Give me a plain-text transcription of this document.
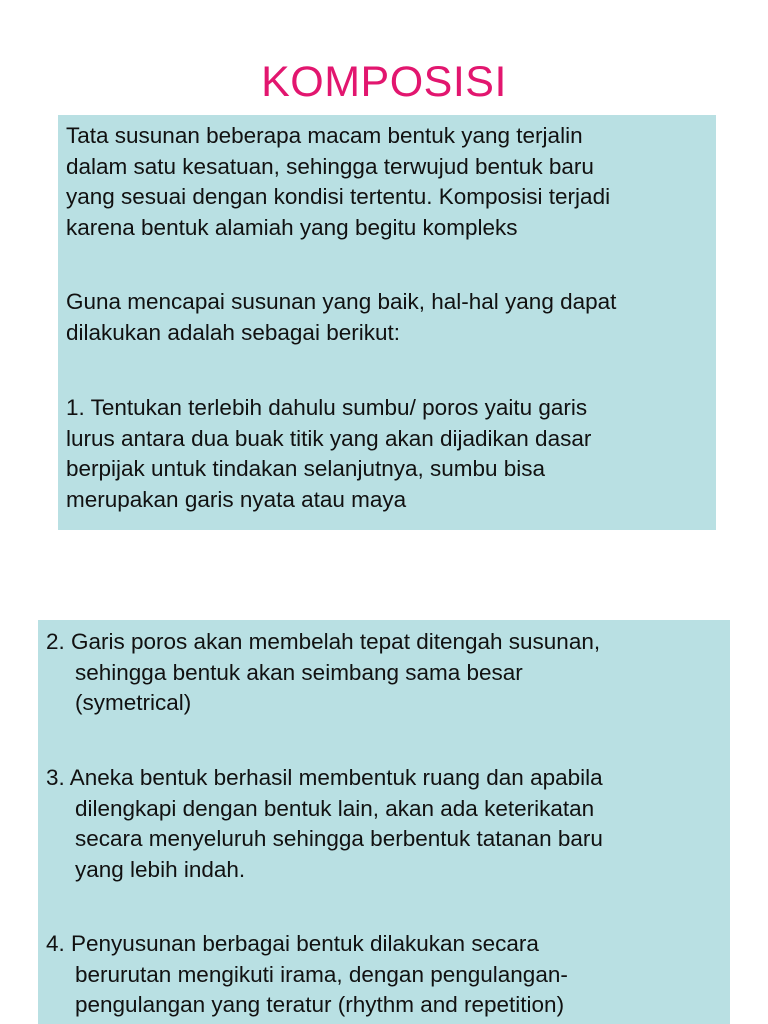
KOMPOSISI
Tata susunan beberapa macam bentuk yang terjalin
dalam satu kesatuan, sehingga terwujud bentuk baru
yang sesuai dengan kondisi tertentu. Komposisi terjadi
karena bentuk alamiah yang begitu kompleks
Guna mencapai susunan yang baik, hal-hal yang dapat
dilakukan adalah sebagai berikut:
1. Tentukan terlebih dahulu sumbu/ poros yaitu garis
lurus antara dua buak titik yang akan dijadikan dasar
berpijak untuk tindakan selanjutnya, sumbu bisa
merupakan garis nyata atau maya
2. Garis poros akan membelah tepat ditengah susunan,
sehingga bentuk akan seimbang sama besar
(symetrical)
3. Aneka bentuk berhasil membentuk ruang dan apabila
dilengkapi dengan bentuk lain, akan ada keterikatan
secara menyeluruh sehingga berbentuk tatanan baru
yang lebih indah.
4. Penyusunan berbagai bentuk dilakukan secara
berurutan mengikuti irama, dengan pengulangan-
pengulangan yang teratur (rhythm and repetition)
